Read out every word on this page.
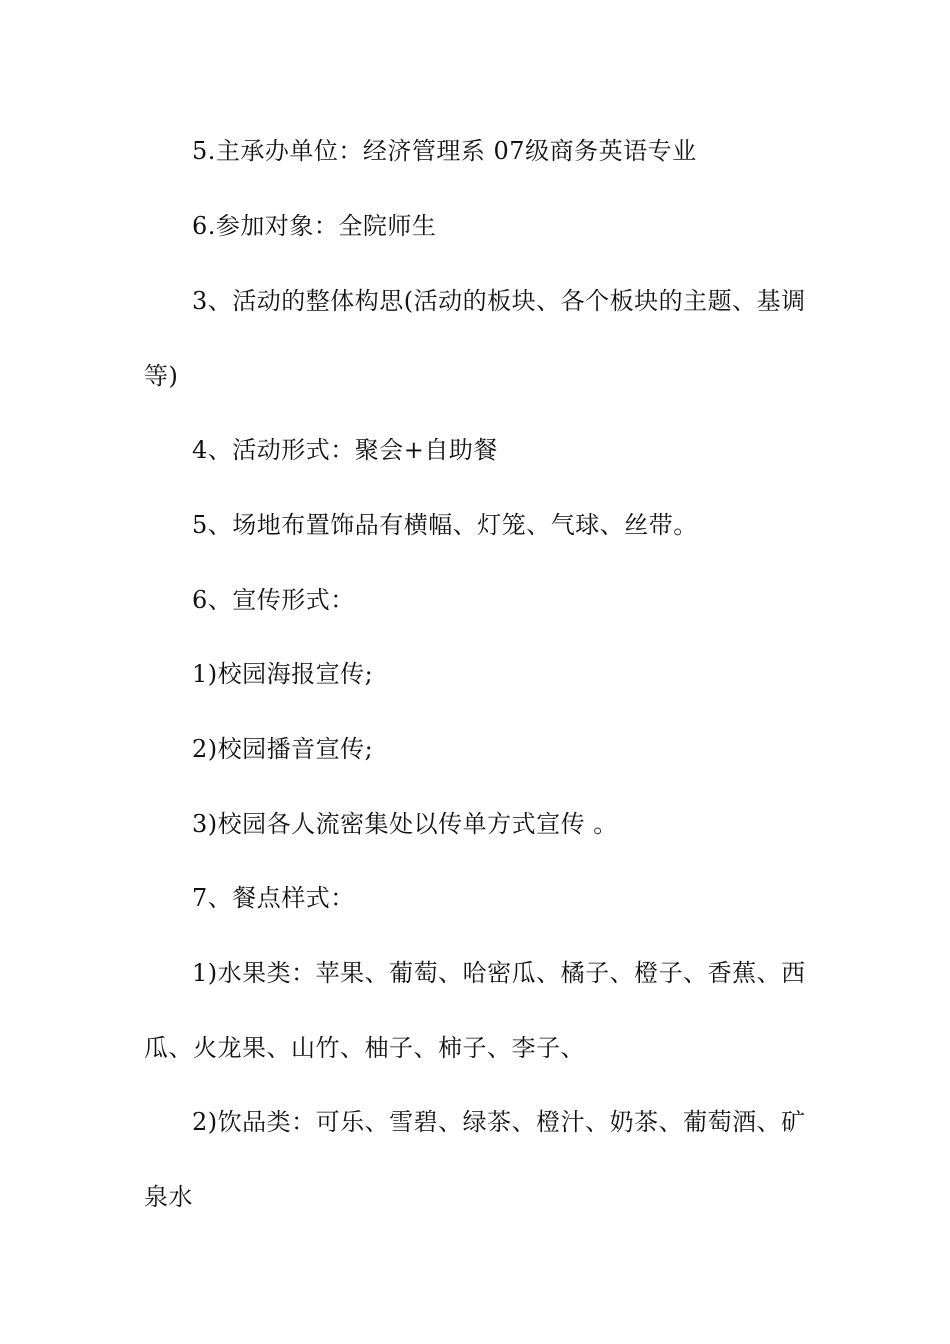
5.主承办单位：经济管理系 07级商务英语专业
6.参加对象：全院师生
3、活动的整体构思(活动的板块、各个板块的主题、基调
等)
4、活动形式：聚会+自助餐
5、场地布置饰品有横幅、灯笼、气球、丝带。
6、宣传形式：
1)校园海报宣传;
2)校园播音宣传;
3)校园各人流密集处以传单方式宣传 。
7、餐点样式：
1)水果类：苹果、葡萄、哈密瓜、橘子、橙子、香蕉、西
瓜、火龙果、山竹、柚子、柿子、李子、
2)饮品类：可乐、雪碧、绿茶、橙汁、奶茶、葡萄酒、矿
泉水
